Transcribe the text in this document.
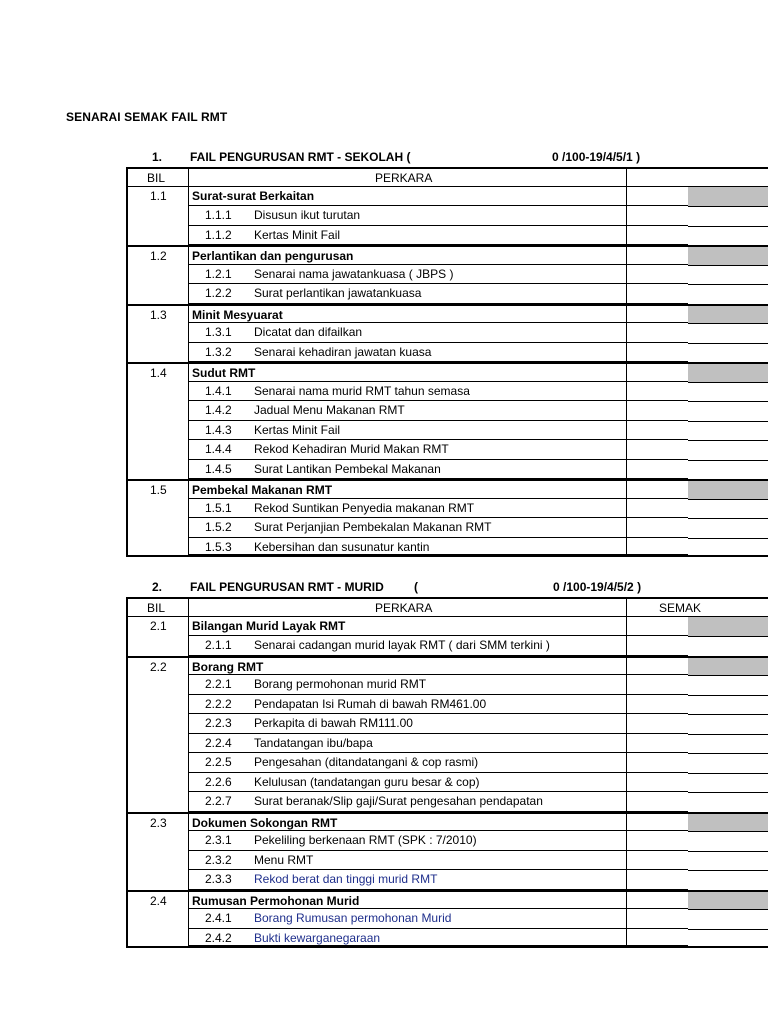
SENARAI SEMAK FAIL RMT
1. FAIL PENGURUSAN RMT - SEKOLAH (	0 /100-19/4/5/1 )
BIL	PERKARA
1.1 Surat-surat Berkaitan
1.1.1 Disusun ikut turutan
1.1.2 Kertas Minit Fail
1.2 Perlantikan dan pengurusan
1.2.1 Senarai nama jawatankuasa ( JBPS )
1.2.2 Surat perlantikan jawatankuasa
1.3 Minit Mesyuarat
1.3.1 Dicatat dan difailkan
1.3.2 Senarai kehadiran jawatan kuasa
1.4 Sudut RMT
1.4.1 Senarai nama murid RMT tahun semasa
1.4.2 Jadual Menu Makanan RMT
1.4.3 Kertas Minit Fail
1.4.4 Rekod Kehadiran Murid Makan RMT
1.4.5 Surat Lantikan Pembekal Makanan
1.5 Pembekal Makanan RMT
1.5.1 Rekod Suntikan Penyedia makanan RMT
1.5.2 Surat Perjanjian Pembekalan Makanan RMT
1.5.3 Kebersihan dan susunatur kantin
2. FAIL PENGURUSAN RMT - MURID	(	0 /100-19/4/5/2 )
BIL	PERKARA	SEMAK
2.1 Bilangan Murid Layak RMT
2.1.1 Senarai cadangan murid layak RMT ( dari SMM terkini )
2.2 Borang RMT
2.2.1 Borang permohonan murid RMT
2.2.2 Pendapatan Isi Rumah di bawah RM461.00
2.2.3 Perkapita di bawah RM111.00
2.2.4 Tandatangan ibu/bapa
2.2.5 Pengesahan (ditandatangani & cop rasmi)
2.2.6 Kelulusan (tandatangan guru besar & cop)
2.2.7 Surat beranak/Slip gaji/Surat pengesahan pendapatan
2.3 Dokumen Sokongan RMT
2.3.1 Pekeliling berkenaan RMT (SPK : 7/2010)
2.3.2 Menu RMT
2.3.3 Rekod berat dan tinggi murid RMT
2.4 Rumusan Permohonan Murid
2.4.1 Borang Rumusan permohonan Murid
2.4.2 Bukti kewarganegaraan
